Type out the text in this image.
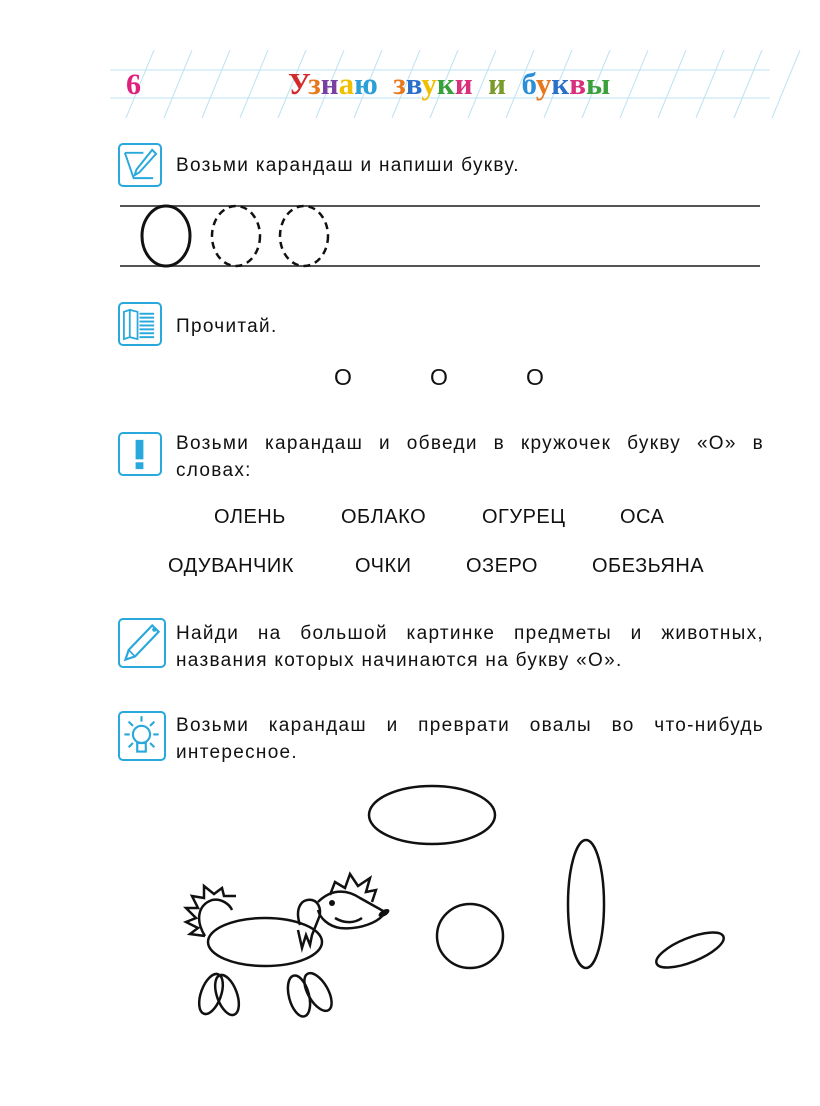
6	Узнаю звуки и буквы
Возьми карандаш и напиши букву.
Прочитай.
О	О	О
Возьми карандаш и обведи в кружочек букву «О» в словах:
ОЛЕНЬ	ОБЛАКО	ОГУРЕЦ	ОСА
ОДУВАНЧИК	ОЧКИ	ОЗЕРО	ОБЕЗЬЯНА
Найди на большой картинке предметы и животных, названия которых начинаются на букву «О».
Возьми карандаш и преврати овалы во что-нибудь интересное.
